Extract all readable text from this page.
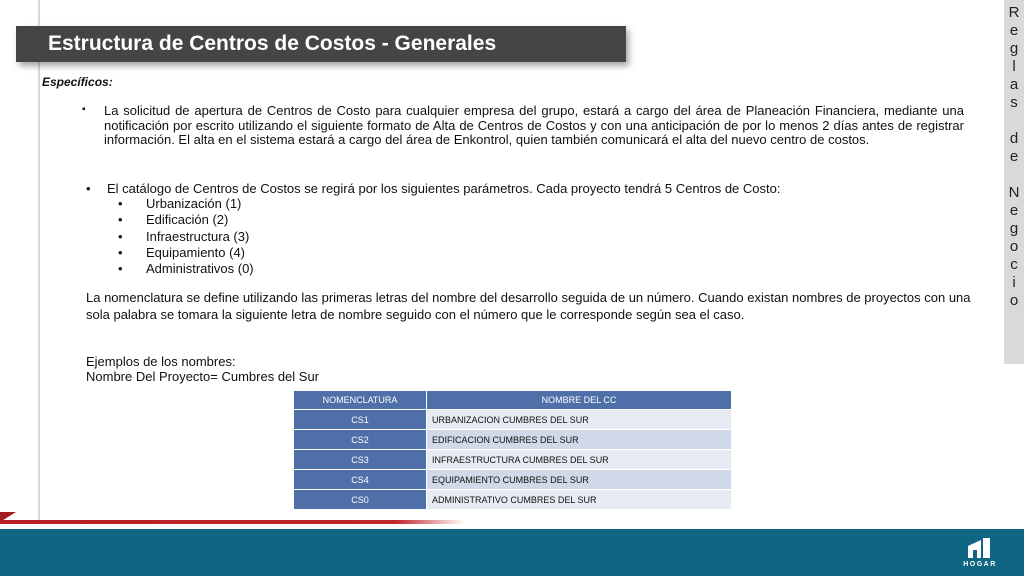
Estructura de Centros de Costos - Generales
R
e
g
l
a
s
d
e
N
e
g
o
c
i
o
Específicos:
▪ La solicitud de apertura de Centros de Costo para cualquier empresa del grupo, estará a cargo del área de Planeación Financiera, mediante una notificación por escrito utilizando el siguiente formato de Alta de Centros de Costos y con una anticipación de por lo menos 2 días antes de registrar información. El alta en el sistema estará a cargo del área de Enkontrol, quien también comunicará el alta del nuevo centro de costos.
• El catálogo de Centros de Costos se regirá por los siguientes parámetros. Cada proyecto tendrá 5 Centros de Costo:
•	Urbanización (1)
•	Edificación (2)
•	Infraestructura (3)
•	Equipamiento (4)
•	Administrativos (0)
La nomenclatura se define utilizando las primeras letras del nombre del desarrollo seguida de un número. Cuando existan nombres de proyectos con una sola palabra se tomara la siguiente letra de nombre seguido con el número que le corresponde según sea el caso.
Ejemplos de los nombres:
Nombre Del Proyecto= Cumbres del Sur
NOMENCLATURA	NOMBRE DEL CC
CS1	URBANIZACION CUMBRES DEL SUR
CS2	EDIFICACION CUMBRES DEL SUR
CS3	INFRAESTRUCTURA CUMBRES DEL SUR
CS4	EQUIPAMIENTO CUMBRES DEL SUR
CS0	ADMINISTRATIVO CUMBRES DEL SUR
HOGAR
